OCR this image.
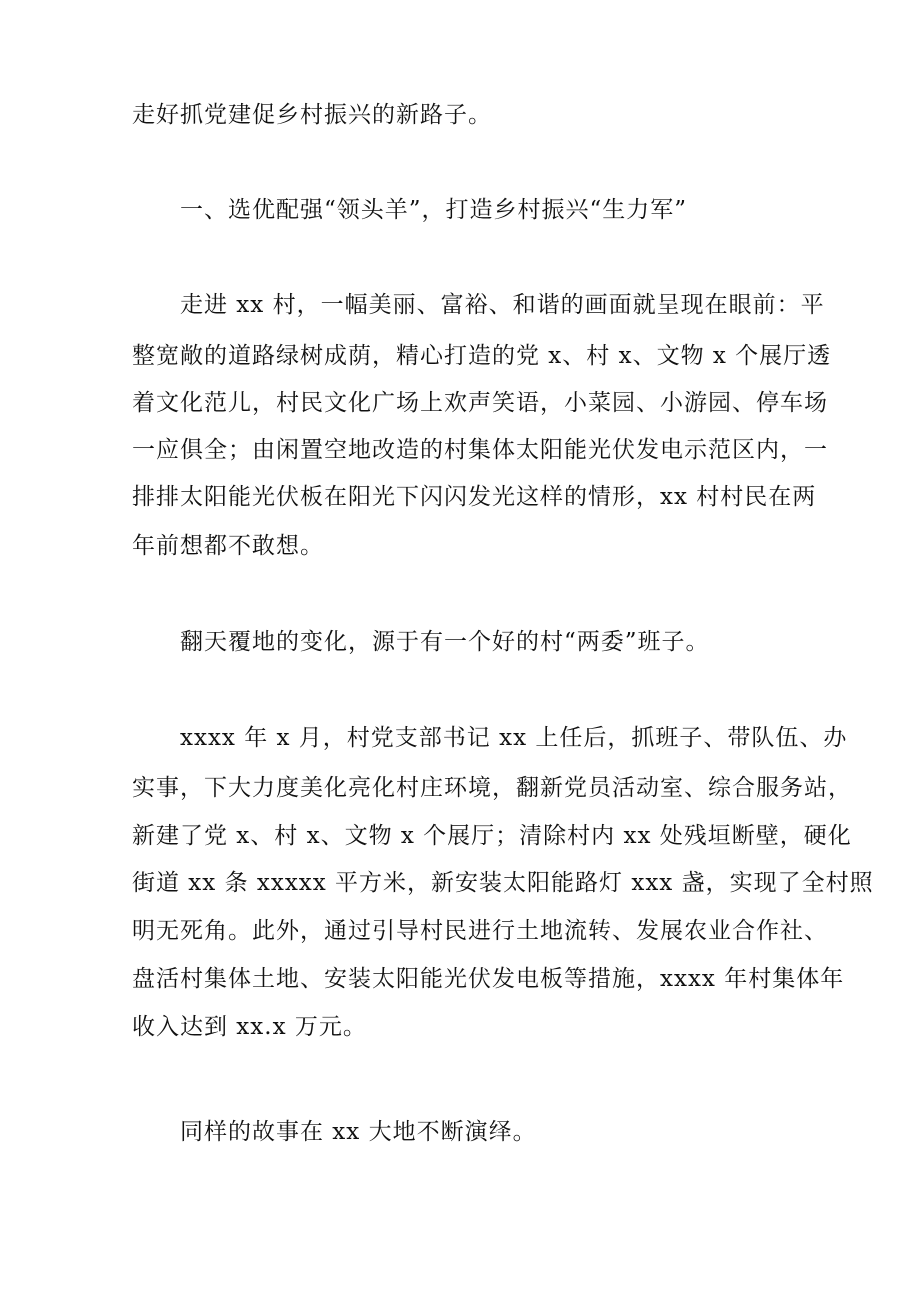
走好抓党建促乡村振兴的新路子。
一、选优配强“领头羊”，打造乡村振兴“生力军”
走进 xx 村，一幅美丽、富裕、和谐的画面就呈现在眼前：平
整宽敞的道路绿树成荫，精心打造的党 x、村 x、文物 x 个展厅透
着文化范儿，村民文化广场上欢声笑语，小菜园、小游园、停车场
一应俱全；由闲置空地改造的村集体太阳能光伏发电示范区内，一
排排太阳能光伏板在阳光下闪闪发光这样的情形，xx 村村民在两
年前想都不敢想。
翻天覆地的变化，源于有一个好的村“两委”班子。
xxxx 年 x 月，村党支部书记 xx 上任后，抓班子、带队伍、办
实事，下大力度美化亮化村庄环境，翻新党员活动室、综合服务站，
新建了党 x、村 x、文物 x 个展厅；清除村内 xx 处残垣断壁，硬化
街道 xx 条 xxxxx 平方米，新安装太阳能路灯 xxx 盏，实现了全村照
明无死角。此外，通过引导村民进行土地流转、发展农业合作社、
盘活村集体土地、安装太阳能光伏发电板等措施，xxxx 年村集体年
收入达到 xx.x 万元。
同样的故事在 xx 大地不断演绎。
